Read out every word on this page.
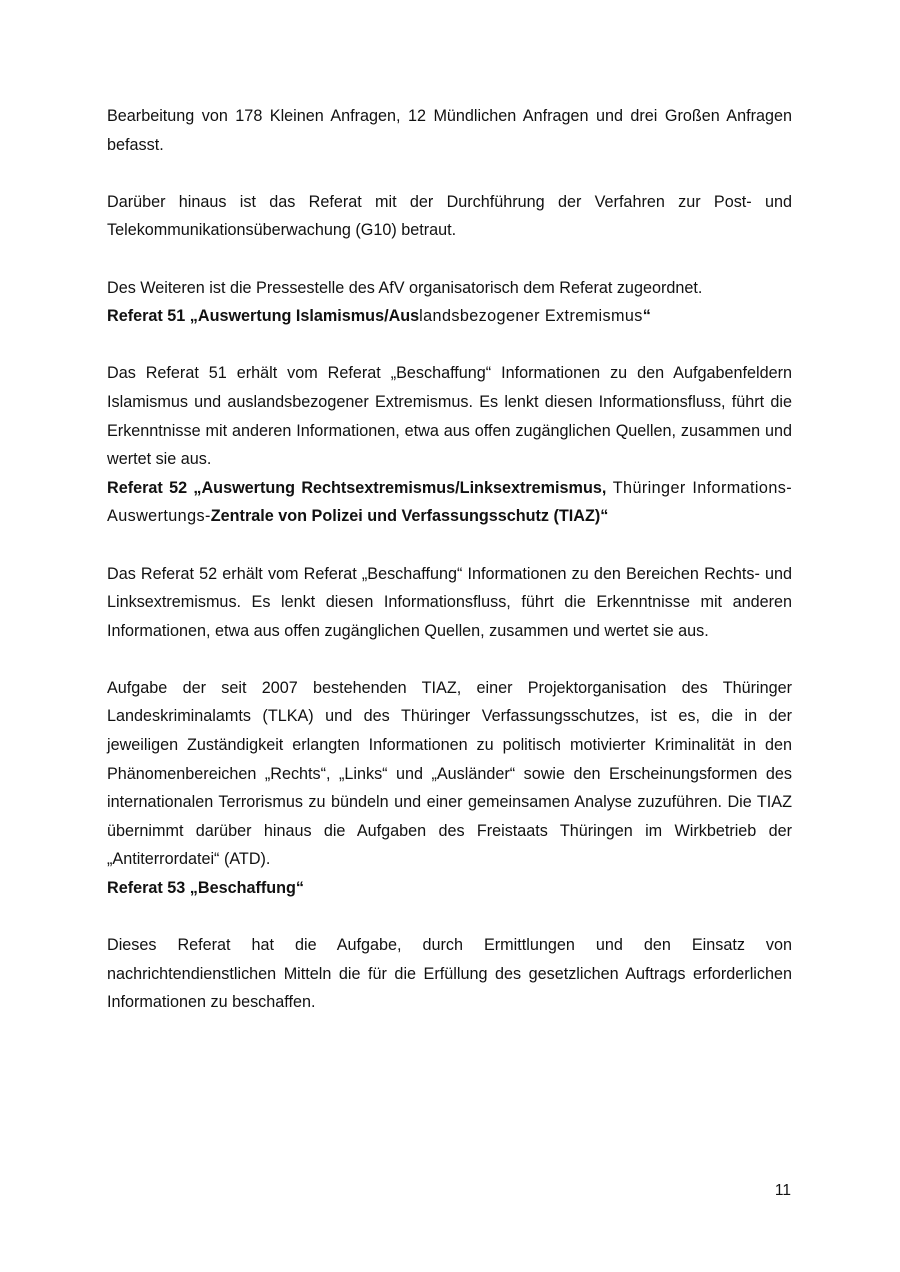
Bearbeitung von 178 Kleinen Anfragen, 12 Mündlichen Anfragen und drei Großen Anfragen befasst.

Darüber hinaus ist das Referat mit der Durchführung der Verfahren zur Post- und Telekommunikationsüberwachung (G10) betraut.

Des Weiteren ist die Pressestelle des AfV organisatorisch dem Referat zugeordnet.

Referat 51 „Auswertung Islamismus/Auslandsbezogener Extremismus“

Das Referat 51 erhält vom Referat „Beschaffung“ Informationen zu den Aufgabenfeldern Islamismus und auslandsbezogener Extremismus. Es lenkt diesen Informationsfluss, führt die Erkenntnisse mit anderen Informationen, etwa aus offen zugänglichen Quellen, zusammen und wertet sie aus.

Referat 52 „Auswertung Rechtsextremismus/Linksextremismus, Thüringer Informations-Auswertungs-Zentrale von Polizei und Verfassungsschutz (TIAZ)“

Das Referat 52 erhält vom Referat „Beschaffung“ Informationen zu den Bereichen Rechts- und Linksextremismus. Es lenkt diesen Informationsfluss, führt die Erkenntnisse mit anderen Informationen, etwa aus offen zugänglichen Quellen, zusammen und wertet sie aus.

Aufgabe der seit 2007 bestehenden TIAZ, einer Projektorganisation des Thüringer Landeskriminalamts (TLKA) und des Thüringer Verfassungsschutzes, ist es, die in der jeweiligen Zuständigkeit erlangten Informationen zu politisch motivierter Kriminalität in den Phänomenbereichen „Rechts“, „Links“ und „Ausländer“ sowie den Erscheinungsformen des internationalen Terrorismus zu bündeln und einer gemeinsamen Analyse zuzuführen. Die TIAZ übernimmt darüber hinaus die Aufgaben des Freistaats Thüringen im Wirkbetrieb der „Antiterrordatei“ (ATD).

Referat 53 „Beschaffung“

Dieses Referat hat die Aufgabe, durch Ermittlungen und den Einsatz von nachrichtendienstlichen Mitteln die für die Erfüllung des gesetzlichen Auftrags erforderlichen Informationen zu beschaffen.

11
